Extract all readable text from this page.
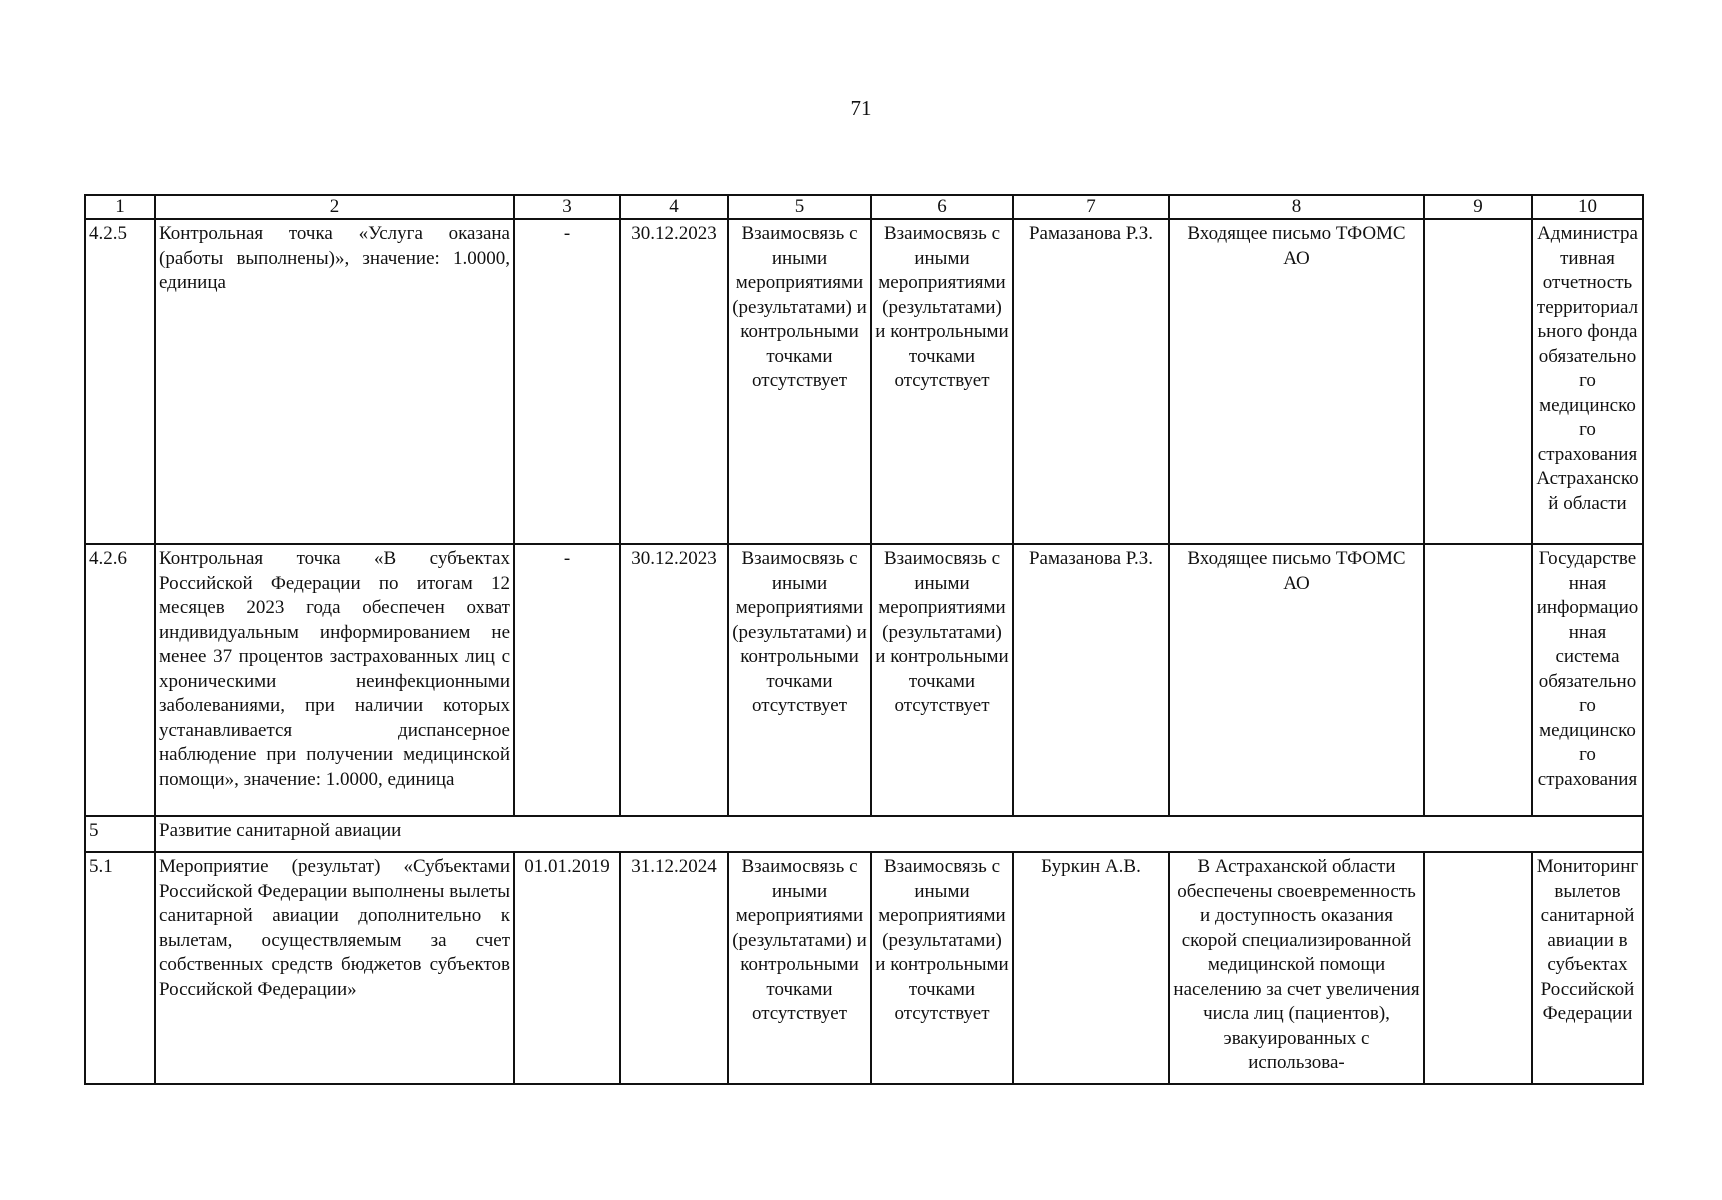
71
1	2	3	4	5	6	7	8	9	10
4.2.5	Контрольная точка «Услуга оказана (работы выполнены)», значение: 1.0000, единица	-	30.12.2023	Взаимосвязь с иными мероприятиями (результатами) и контрольными точками отсутствует	Взаимосвязь с иными мероприятиями (результатами) и контрольными точками отсутствует	Рамазанова Р.З.	Входящее письмо ТФОМС АО		Административная отчетность территориального фонда обязательного медицинского страхования Астраханской области
4.2.6	Контрольная точка «В субъектах Российской Федерации по итогам 12 месяцев 2023 года обеспечен охват индивидуальным информированием не менее 37 процентов застрахованных лиц с хроническими неинфекционными заболеваниями, при наличии которых устанавливается диспансерное наблюдение при получении медицинской помощи», значение: 1.0000, единица	-	30.12.2023	Взаимосвязь с иными мероприятиями (результатами) и контрольными точками отсутствует	Взаимосвязь с иными мероприятиями (результатами) и контрольными точками отсутствует	Рамазанова Р.З.	Входящее письмо ТФОМС АО		Государственная информационная система обязательного медицинского страхования
5	Развитие санитарной авиации								
5.1	Мероприятие (результат) «Субъектами Российской Федерации выполнены вылеты санитарной авиации дополнительно к вылетам, осуществляемым за счет собственных средств бюджетов субъектов Российской Федерации»	01.01.2019	31.12.2024	Взаимосвязь с иными мероприятиями (результатами) и контрольными точками отсутствует	Взаимосвязь с иными мероприятиями (результатами) и контрольными точками отсутствует	Буркин А.В.	В Астраханской области обеспечены своевременность и доступность оказания скорой специализированной медицинской помощи населению за счет увеличения числа лиц (пациентов), эвакуированных с использова-		Мониторинг вылетов санитарной авиации в субъектах Российской Федерации
